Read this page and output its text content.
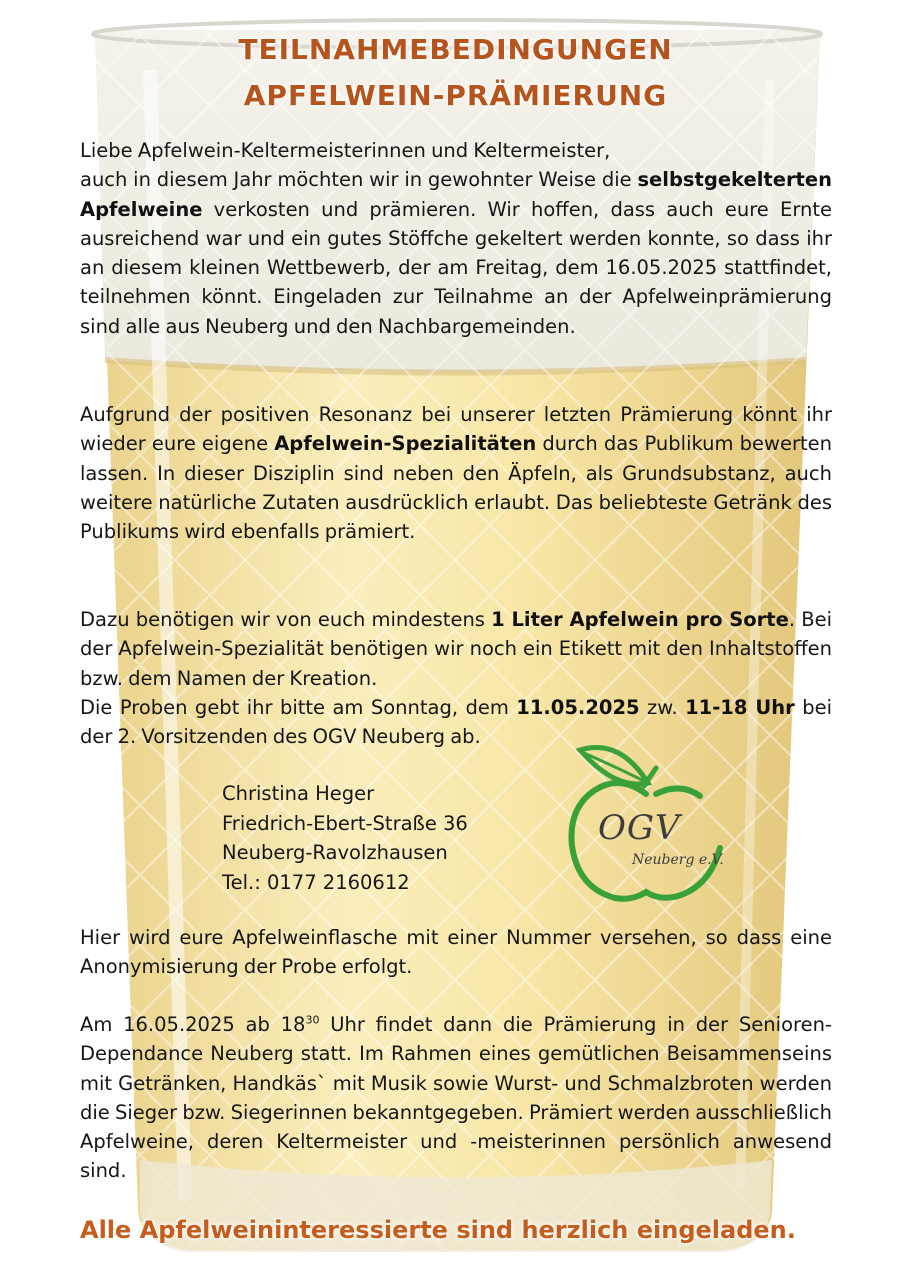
TEILNAHMEBEDINGUNGEN
APFELWEIN-PRÄMIERUNG
Liebe Apfelwein-Keltermeisterinnen und Keltermeister,
auch in diesem Jahr möchten wir in gewohnter Weise die selbstgekelterten Apfelweine verkosten und prämieren. Wir hoffen, dass auch eure Ernte ausreichend war und ein gutes Stöffche gekeltert werden konnte, so dass ihr an diesem kleinen Wettbewerb, der am Freitag, dem 16.05.2025 stattfindet, teilnehmen könnt. Eingeladen zur Teilnahme an der Apfelweinprämierung sind alle aus Neuberg und den Nachbargemeinden.
Aufgrund der positiven Resonanz bei unserer letzten Prämierung könnt ihr wieder eure eigene Apfelwein-Spezialitäten durch das Publikum bewerten lassen. In dieser Disziplin sind neben den Äpfeln, als Grundsubstanz, auch weitere natürliche Zutaten ausdrücklich erlaubt. Das beliebteste Getränk des Publikums wird ebenfalls prämiert.
Dazu benötigen wir von euch mindestens 1 Liter Apfelwein pro Sorte. Bei der Apfelwein-Spezialität benötigen wir noch ein Etikett mit den Inhaltstoffen bzw. dem Namen der Kreation.
Die Proben gebt ihr bitte am Sonntag, dem 11.05.2025 zw. 11-18 Uhr bei der 2. Vorsitzenden des OGV Neuberg ab.
Christina Heger
Friedrich-Ebert-Straße 36
Neuberg-Ravolzhausen
Tel.: 0177 2160612
OGV
Neuberg e.V.
Hier wird eure Apfelweinflasche mit einer Nummer versehen, so dass eine Anonymisierung der Probe erfolgt.
Am 16.05.2025 ab $18^{30}$ Uhr findet dann die Prämierung in der Senioren-Dependance Neuberg statt. Im Rahmen eines gemütlichen Beisammenseins mit Getränken, Handkäs` mit Musik sowie Wurst- und Schmalzbroten werden die Sieger bzw. Siegerinnen bekanntgegeben. Prämiert werden ausschließlich Apfelweine, deren Keltermeister und -meisterinnen persönlich anwesend sind.
Alle Apfelweininteressierte sind herzlich eingeladen.
